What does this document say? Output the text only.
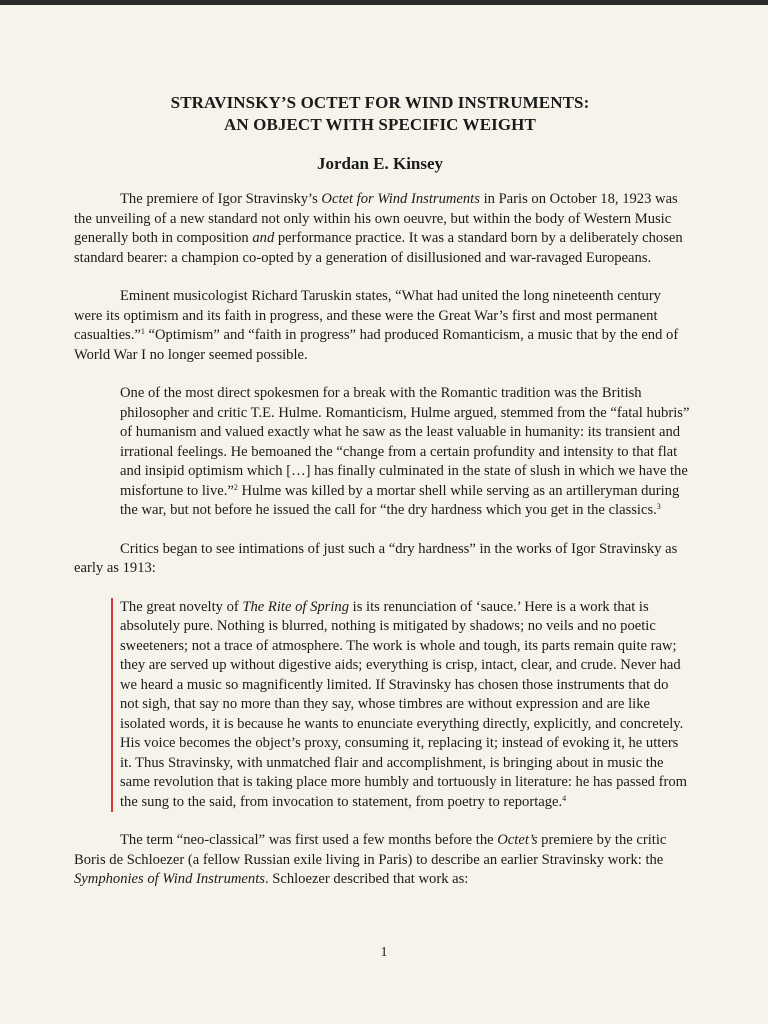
STRAVINSKY’S OCTET FOR WIND INSTRUMENTS:
AN OBJECT WITH SPECIFIC WEIGHT
Jordan E. Kinsey

The premiere of Igor Stravinsky’s Octet for Wind Instruments in Paris on October 18, 1923 was the unveiling of a new standard not only within his own oeuvre, but within the body of Western Music generally both in composition and performance practice. It was a standard born by a deliberately chosen standard bearer: a champion co-opted by a generation of disillusioned and war-ravaged Europeans.

Eminent musicologist Richard Taruskin states, “What had united the long nineteenth century were its optimism and its faith in progress, and these were the Great War’s first and most permanent casualties.”$^1$ “Optimism” and “faith in progress” had produced Romanticism, a music that by the end of World War I no longer seemed possible.

One of the most direct spokesmen for a break with the Romantic tradition was the British philosopher and critic T.E. Hulme. Romanticism, Hulme argued, stemmed from the “fatal hubris” of humanism and valued exactly what he saw as the least valuable in humanity: its transient and irrational feelings. He bemoaned the “change from a certain profundity and intensity to that flat and insipid optimism which […] has finally culminated in the state of slush in which we have the misfortune to live.”$^2$ Hulme was killed by a mortar shell while serving as an artilleryman during the war, but not before he issued the call for “the dry hardness which you get in the classics.$^3$

Critics began to see intimations of just such a “dry hardness” in the works of Igor Stravinsky as early as 1913:

The great novelty of The Rite of Spring is its renunciation of ‘sauce.’ Here is a work that is absolutely pure. Nothing is blurred, nothing is mitigated by shadows; no veils and no poetic sweeteners; not a trace of atmosphere. The work is whole and tough, its parts remain quite raw; they are served up without digestive aids; everything is crisp, intact, clear, and crude. Never had we heard a music so magnificently limited. If Stravinsky has chosen those instruments that do not sigh, that say no more than they say, whose timbres are without expression and are like isolated words, it is because he wants to enunciate everything directly, explicitly, and concretely. His voice becomes the object’s proxy, consuming it, replacing it; instead of evoking it, he utters it. Thus Stravinsky, with unmatched flair and accomplishment, is bringing about in music the same revolution that is taking place more humbly and tortuously in literature: he has passed from the sung to the said, from invocation to statement, from poetry to reportage.$^4$

The term “neo-classical” was first used a few months before the Octet’s premiere by the critic Boris de Schloezer (a fellow Russian exile living in Paris) to describe an earlier Stravinsky work: the Symphonies of Wind Instruments. Schloezer described that work as:

1
